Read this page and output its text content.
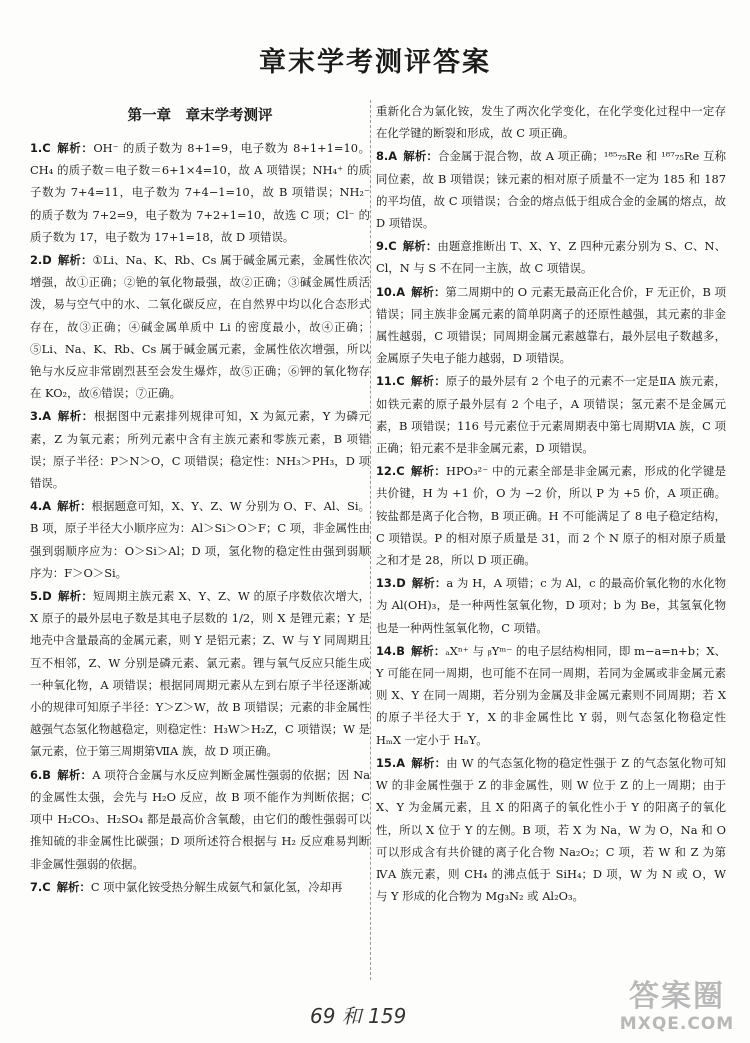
章末学考测评答案
第一章　章末学考测评

1.C 解析：OH⁻ 的质子数为 8+1=9，电子数为 8+1+1=10。CH₄ 的质子数＝电子数＝6+1×4=10，故 A 项错误；NH₄⁺ 的质子数为 7+4=11，电子数为 7+4−1=10，故 B 项错误；NH₂⁻ 的质子数为 7+2=9，电子数为 7+2+1=10，故选 C 项；Cl⁻ 的质子数为 17，电子数为 17+1=18，故 D 项错误。

2.D 解析：①Li、Na、K、Rb、Cs 属于碱金属元素，金属性依次增强，故①正确；②铯的氧化物最强，故②正确；③碱金属性质活泼，易与空气中的水、二氧化碳反应，在自然界中均以化合态形式存在，故③正确；④碱金属单质中 Li 的密度最小，故④正确；⑤Li、Na、K、Rb、Cs 属于碱金属元素，金属性依次增强，所以铯与水反应非常剧烈甚至会发生爆炸，故⑤正确；⑥钾的氧化物存在 KO₂，故⑥错误；⑦正确。

3.A 解析：根据图中元素排列规律可知，X 为氮元素，Y 为磷元素，Z 为氧元素；所列元素中含有主族元素和零族元素，B 项错误；原子半径：P＞N＞O，C 项错误；稳定性：NH₃＞PH₃，D 项错误。

4.A 解析：根据题意可知，X、Y、Z、W 分别为 O、F、Al、Si。B 项，原子半径大小顺序应为：Al＞Si＞O＞F；C 项，非金属性由强到弱顺序应为：O＞Si＞Al；D 项，氢化物的稳定性由强到弱顺序为：F＞O＞Si。

5.D 解析：短周期主族元素 X、Y、Z、W 的原子序数依次增大，X 原子的最外层电子数是其电子层数的 1/2，则 X 是锂元素；Y 是地壳中含量最高的金属元素，则 Y 是铝元素；Z、W 与 Y 同周期且互不相邻，Z、W 分别是磷元素、氯元素。锂与氧气反应只能生成一种氧化物，A 项错误；根据同周期元素从左到右原子半径逐渐减小的规律可知原子半径：Y＞Z＞W，故 B 项错误；元素的非金属性越强气态氢化物越稳定，则稳定性：H₃W＞H₂Z，C 项错误；W 是氯元素，位于第三周期第ⅦA 族，故 D 项正确。

6.B 解析：A 项符合金属与水反应判断金属性强弱的依据；因 Na 的金属性太强，会先与 H₂O 反应，故 B 项不能作为判断依据；C 项中 H₂CO₃、H₂SO₄ 都是最高价含氧酸，由它们的酸性强弱可以推知硫的非金属性比碳强；D 项所述符合根据与 H₂ 反应难易判断非金属性强弱的依据。

7.C 解析：C 项中氯化铵受热分解生成氨气和氯化氢，冷却再

重新化合为氯化铵，发生了两次化学变化，在化学变化过程中一定存在化学键的断裂和形成，故 C 项正确。

8.A 解析：合金属于混合物，故 A 项正确；¹⁸⁵₇₅Re 和 ¹⁸⁷₇₅Re 互称同位素，故 B 项错误；铼元素的相对原子质量不一定为 185 和 187 的平均值，故 C 项错误；合金的熔点低于组成合金的金属的熔点，故 D 项错误。

9.C 解析：由题意推断出 T、X、Y、Z 四种元素分别为 S、C、N、Cl，N 与 S 不在同一主族，故 C 项错误。

10.A 解析：第二周期中的 O 元素无最高正化合价，F 无正价，B 项错误；同主族非金属元素的简单阴离子的还原性越强，其元素的非金属性越弱，C 项错误；同周期金属元素越靠右，最外层电子数越多，金属原子失电子能力越弱，D 项错误。

11.C 解析：原子的最外层有 2 个电子的元素不一定是ⅡA 族元素，如铁元素的原子最外层有 2 个电子，A 项错误；氢元素不是金属元素，B 项错误；116 号元素位于元素周期表中第七周期ⅥA 族，C 项正确；铅元素不是非金属元素，D 项错误。

12.C 解析：HPO₃²⁻ 中的元素全部是非金属元素，形成的化学键是共价键，H 为 +1 价，O 为 −2 价，所以 P 为 +5 价，A 项正确。铵盐都是离子化合物，B 项正确。H 不可能满足了 8 电子稳定结构，C 项错误。P 的相对原子质量是 31，而 2 个 N 原子的相对原子质量之和才是 28，所以 D 项正确。

13.D 解析：a 为 H，A 项错；c 为 Al，c 的最高价氧化物的水化物为 Al(OH)₃，是一种两性氢氧化物，D 项对；b 为 Be，其氢氧化物也是一种两性氢氧化物，C 项错。

14.B 解析：ₐXⁿ⁺ 与 ᵦYᵐ⁻ 的电子层结构相同，即 m−a=n+b；X、Y 可能在同一周期，也可能不在同一周期，若同为金属或非金属元素则 X、Y 在同一周期，若分别为金属及非金属元素则不同周期；若 X 的原子半径大于 Y，X 的非金属性比 Y 弱，则气态氢化物稳定性 HₘX 一定小于 HₙY。

15.A 解析：由 W 的气态氢化物的稳定性强于 Z 的气态氢化物可知 W 的非金属性强于 Z 的非金属性，则 W 位于 Z 的上一周期；由于 X、Y 为金属元素，且 X 的阳离子的氧化性小于 Y 的阳离子的氧化性，所以 X 位于 Y 的左侧。B 项，若 X 为 Na，W 为 O，Na 和 O 可以形成含有共价键的离子化合物 Na₂O₂；C 项，若 W 和 Z 为第ⅣA 族元素，则 CH₄ 的沸点低于 SiH₄；D 项，W 为 N 或 O，W 与 Y 形成的化合物为 Mg₃N₂ 或 Al₂O₃。

69 和 159
答案圈
MXQE.COM
